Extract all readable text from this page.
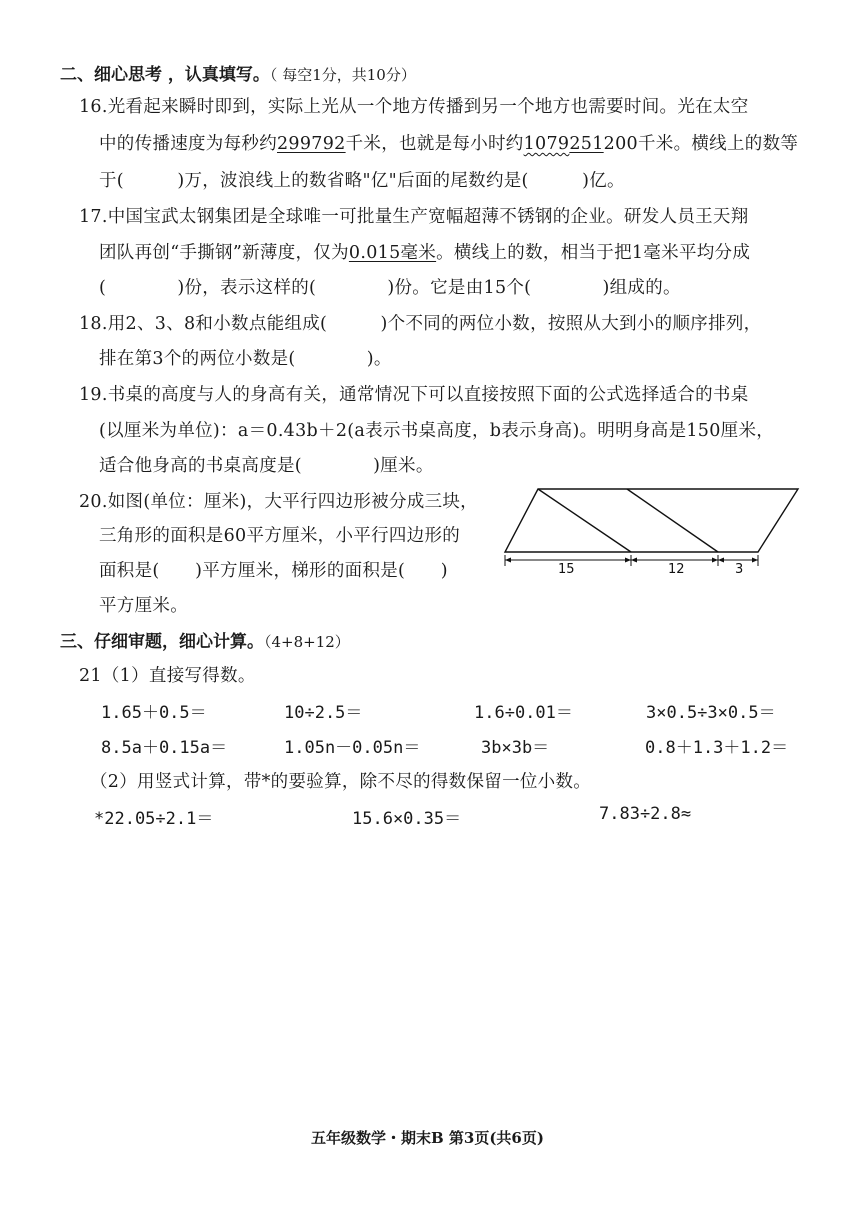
二、细心思考 ，认真填写。（ 每空1分，共10分）
16.光看起来瞬时即到，实际上光从一个地方传播到另一个地方也需要时间。光在太空
中的传播速度为每秒约299792千米，也就是每小时约1079251200千米。横线上的数等
于(　　　)万，波浪线上的数省略"亿"后面的尾数约是(　　　)亿。
17.中国宝武太钢集团是全球唯一可批量生产宽幅超薄不锈钢的企业。研发人员王天翔
团队再创“手撕钢”新薄度，仅为0.015毫米。横线上的数，相当于把1毫米平均分成
(　　　　)份，表示这样的(　　　　)份。它是由15个(　　　　)组成的。
18.用2、3、8和小数点能组成(　　　)个不同的两位小数，按照从大到小的顺序排列，
排在第3个的两位小数是(　　　　)。
19.书桌的高度与人的身高有关，通常情况下可以直接按照下面的公式选择适合的书桌
(以厘米为单位)：a＝0.43b＋2(a表示书桌高度，b表示身高)。明明身高是150厘米，
适合他身高的书桌高度是(　　　　)厘米。
20.如图(单位：厘米)，大平行四边形被分成三块，
三角形的面积是60平方厘米，小平行四边形的
面积是(　　)平方厘米，梯形的面积是(　　)
平方厘米。
15	12	3
三、仔细审题，细心计算。（4+8+12）
21（1）直接写得数。
1.65＋0.5＝	10÷2.5＝	1.6÷0.01＝	3×0.5÷3×0.5＝
8.5a＋0.15a＝	1.05n－0.05n＝	3b×3b＝	0.8＋1.3＋1.2＝
（2）用竖式计算，带*的要验算，除不尽的得数保留一位小数。
*22.05÷2.1＝	15.6×0.35＝	7.83÷2.8≈
五年级数学・期末B 第3页(共6页)
